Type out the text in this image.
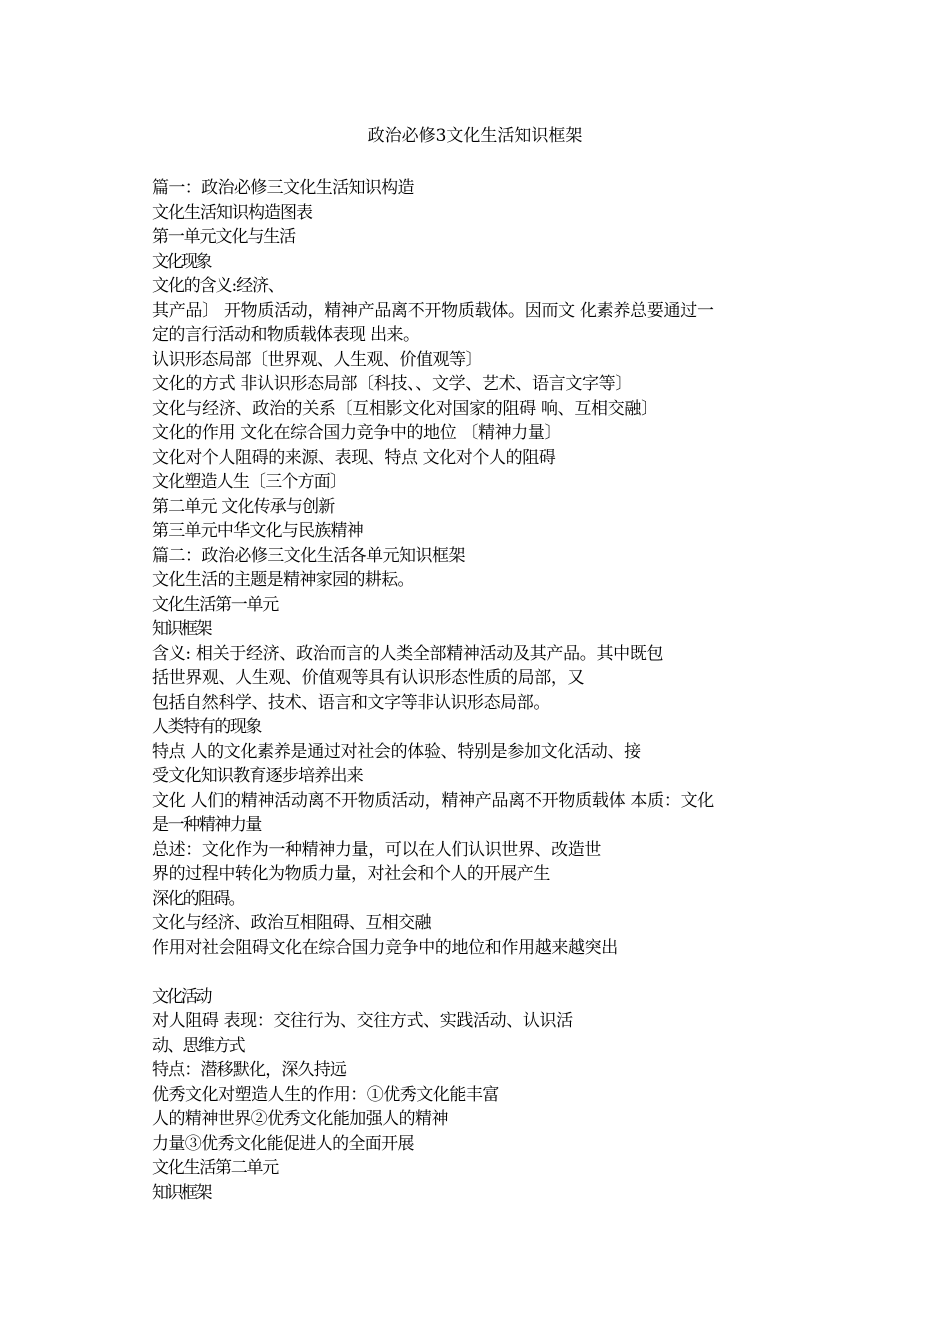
政治必修3文化生活知识框架
篇一：政治必修三文化生活知识构造
文化生活知识构造图表
第一单元文化与生活
文化现象
文化的含义:经济、
其产品〕 开物质活动，精神产品离不开物质载体。因而文 化素养总要通过一
定的言行活动和物质载体表现 出来。
认识形态局部〔世界观、人生观、价值观等〕
文化的方式 非认识形态局部〔科技、、文学、艺术、语言文字等〕
文化与经济、政治的关系〔互相影文化对国家的阻碍 响、互相交融〕
文化的作用 文化在综合国力竞争中的地位 〔精神力量〕
文化对个人阻碍的来源、表现、特点 文化对个人的阻碍
文化塑造人生〔三个方面〕
第二单元 文化传承与创新
第三单元中华文化与民族精神
篇二：政治必修三文化生活各单元知识框架
文化生活的主题是精神家园的耕耘。
文化生活第一单元
知识框架
含义: 相关于经济、政治而言的人类全部精神活动及其产品。其中既包
括世界观、人生观、价值观等具有认识形态性质的局部，又
包括自然科学、技术、语言和文字等非认识形态局部。
人类特有的现象
特点 人的文化素养是通过对社会的体验、特别是参加文化活动、接
受文化知识教育逐步培养出来
文化 人们的精神活动离不开物质活动，精神产品离不开物质载体 本质：文化
是一种精神力量
总述：文化作为一种精神力量，可以在人们认识世界、改造世
界的过程中转化为物质力量，对社会和个人的开展产生
深化的阻碍。
文化与经济、政治互相阻碍、互相交融
作用对社会阻碍文化在综合国力竞争中的地位和作用越来越突出
文化活动
对人阻碍 表现：交往行为、交往方式、实践活动、认识活
动、思维方式
特点：潜移默化，深久持远
优秀文化对塑造人生的作用：①优秀文化能丰富
人的精神世界②优秀文化能加强人的精神
力量③优秀文化能促进人的全面开展
文化生活第二单元
知识框架
